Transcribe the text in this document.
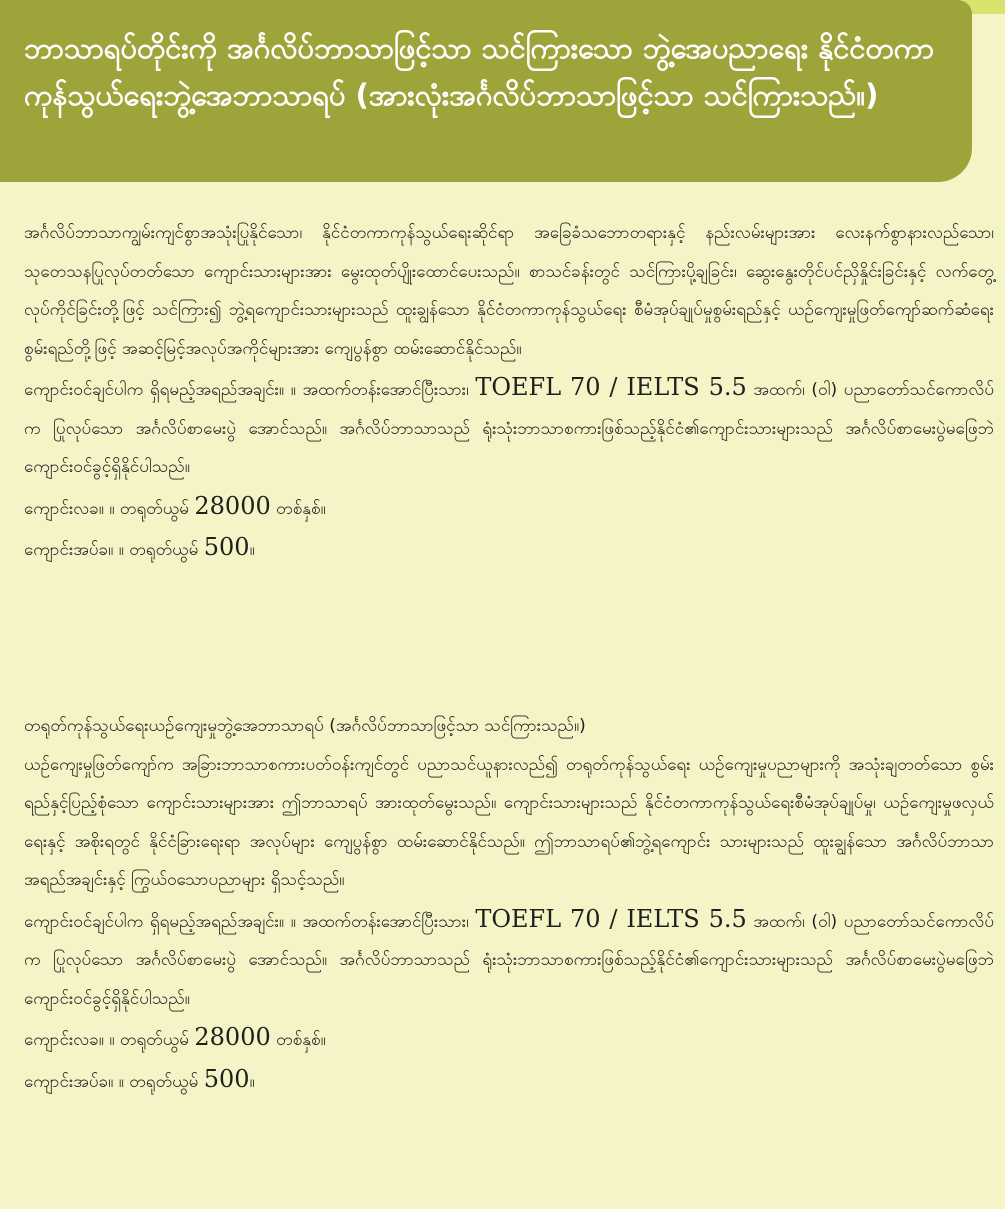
ဘာသာရပ်တိုင်းကို အင်္ဂလိပ်ဘာသာဖြင့်သာ သင်ကြားသော ဘွဲ့အေပညာရေး နိုင်ငံတကာကုန်သွယ်ရေးဘွဲ့အေဘာသာရပ် (အားလုံးအင်္ဂလိပ်ဘာသာဖြင့်သာ သင်ကြားသည်။)

အင်္ဂလိပ်ဘာသာကျွမ်းကျင်စွာအသုံးပြုနိုင်သော၊ နိုင်ငံတကာကုန်သွယ်ရေးဆိုင်ရာ အခြေခံသဘောတရားနှင့် နည်းလမ်းများအား လေးနက်စွာနားလည်သော၊ သုတေသနပြုလုပ်တတ်သော ကျောင်းသားများအား မွေးထုတ်ပျိုးထောင်ပေးသည်။ စာသင်ခန်းတွင် သင်ကြားပို့ချခြင်း၊ ဆွေးနွေးတိုင်ပင်ညှိနှိုင်းခြင်းနှင့် လက်တွေ့လုပ်ကိုင်ခြင်းတို့ဖြင့် သင်ကြား၍ ဘွဲ့ရကျောင်းသားများသည် ထူးချွန်သော နိုင်ငံတကာကုန်သွယ်ရေး စီမံအုပ်ချုပ်မှုစွမ်းရည်နှင့် ယဉ်ကျေးမှုဖြတ်ကျော်ဆက်ဆံရေးစွမ်းရည်တို့ဖြင့် အဆင့်မြင့်အလုပ်အကိုင်များအား ကျေပွန်စွာ ထမ်းဆောင်နိုင်သည်။

ကျောင်းဝင်ချင်ပါက ရှိရမည့်အရည်အချင်း။ ။ အထက်တန်းအောင်ပြီးသား၊ TOEFL 70 / IELTS 5.5 အထက်၊ (ဝါ) ပညာတော်သင်ကောလိပ်က ပြုလုပ်သော အင်္ဂလိပ်စာမေးပွဲ အောင်သည်။ အင်္ဂလိပ်ဘာသာသည် ရုံးသုံးဘာသာစကားဖြစ်သည့်နိုင်ငံ၏ကျောင်းသားများသည် အင်္ဂလိပ်စာမေးပွဲမဖြေဘဲ ကျောင်းဝင်ခွင့်ရှိနိုင်ပါသည်။

ကျောင်းလခ။ ။ တရုတ်ယွမ် 28000 တစ်နှစ်။

ကျောင်းအပ်ခ။ ။ တရုတ်ယွမ် 500။

တရုတ်ကုန်သွယ်ရေးယဉ်ကျေးမှုဘွဲ့အေဘာသာရပ် (အင်္ဂလိပ်ဘာသာဖြင့်သာ သင်ကြားသည်။)

ယဉ်ကျေးမှုဖြတ်ကျော်က အခြားဘာသာစကားပတ်ဝန်းကျင်တွင် ပညာသင်ယူနားလည်၍ တရုတ်ကုန်သွယ်ရေး ယဉ်ကျေးမှုပညာများကို အသုံးချတတ်သော စွမ်းရည်နှင့်ပြည့်စုံသော ကျောင်းသားများအား ဤဘာသာရပ် အားထုတ်မွေးသည်။ ကျောင်းသားများသည် နိုင်ငံတကာကုန်သွယ်ရေးစီမံအုပ်ချုပ်မှု၊ ယဉ်ကျေးမှုဖလှယ်ရေးနှင့် အစိုးရတွင် နိုင်ငံခြားရေးရာ အလုပ်များ ကျေပွန်စွာ ထမ်းဆောင်နိုင်သည်။ ဤဘာသာရပ်၏ဘွဲ့ရကျောင်း သားများသည် ထူးချွန်သော အင်္ဂလိပ်ဘာသာ အရည်အချင်းနှင့် ကြွယ်ဝသောပညာများ ရှိသင့်သည်။

ကျောင်းဝင်ချင်ပါက ရှိရမည့်အရည်အချင်း။ ။ အထက်တန်းအောင်ပြီးသား၊ TOEFL 70 / IELTS 5.5 အထက်၊ (ဝါ) ပညာတော်သင်ကောလိပ်က ပြုလုပ်သော အင်္ဂလိပ်စာမေးပွဲ အောင်သည်။ အင်္ဂလိပ်ဘာသာသည် ရုံးသုံးဘာသာစကားဖြစ်သည့်နိုင်ငံ၏ကျောင်းသားများသည် အင်္ဂလိပ်စာမေးပွဲမဖြေဘဲ ကျောင်းဝင်ခွင့်ရှိနိုင်ပါသည်။

ကျောင်းလခ။ ။ တရုတ်ယွမ် 28000 တစ်နှစ်။

ကျောင်းအပ်ခ။ ။ တရုတ်ယွမ် 500။
